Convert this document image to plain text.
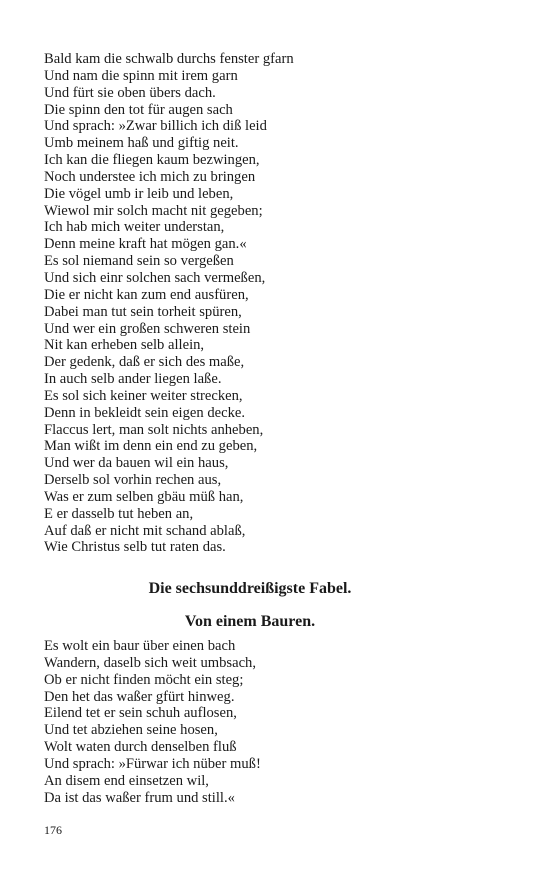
Bald kam die schwalb durchs fenster gfarn
Und nam die spinn mit irem garn
Und fürt sie oben übers dach.
Die spinn den tot für augen sach
Und sprach: »Zwar billich ich diß leid
Umb meinem haß und giftig neit.
Ich kan die fliegen kaum bezwingen,
Noch understee ich mich zu bringen
Die vögel umb ir leib und leben,
Wiewol mir solch macht nit gegeben;
Ich hab mich weiter understan,
Denn meine kraft hat mögen gan.«
Es sol niemand sein so vergeßen
Und sich einr solchen sach vermeßen,
Die er nicht kan zum end ausfüren,
Dabei man tut sein torheit spüren,
Und wer ein großen schweren stein
Nit kan erheben selb allein,
Der gedenk, daß er sich des maße,
In auch selb ander liegen laße.
Es sol sich keiner weiter strecken,
Denn in bekleidt sein eigen decke.
Flaccus lert, man solt nichts anheben,
Man wißt im denn ein end zu geben,
Und wer da bauen wil ein haus,
Derselb sol vorhin rechen aus,
Was er zum selben gbäu müß han,
E er dasselb tut heben an,
Auf daß er nicht mit schand ablaß,
Wie Christus selb tut raten das.
Die sechsunddreißigste Fabel.
Von einem Bauren.
Es wolt ein baur über einen bach
Wandern, daselb sich weit umbsach,
Ob er nicht finden möcht ein steg;
Den het das waßer gfürt hinweg.
Eilend tet er sein schuh auflosen,
Und tet abziehen seine hosen,
Wolt waten durch denselben fluß
Und sprach: »Fürwar ich nüber muß!
An disem end einsetzen wil,
Da ist das waßer frum und still.«
176
